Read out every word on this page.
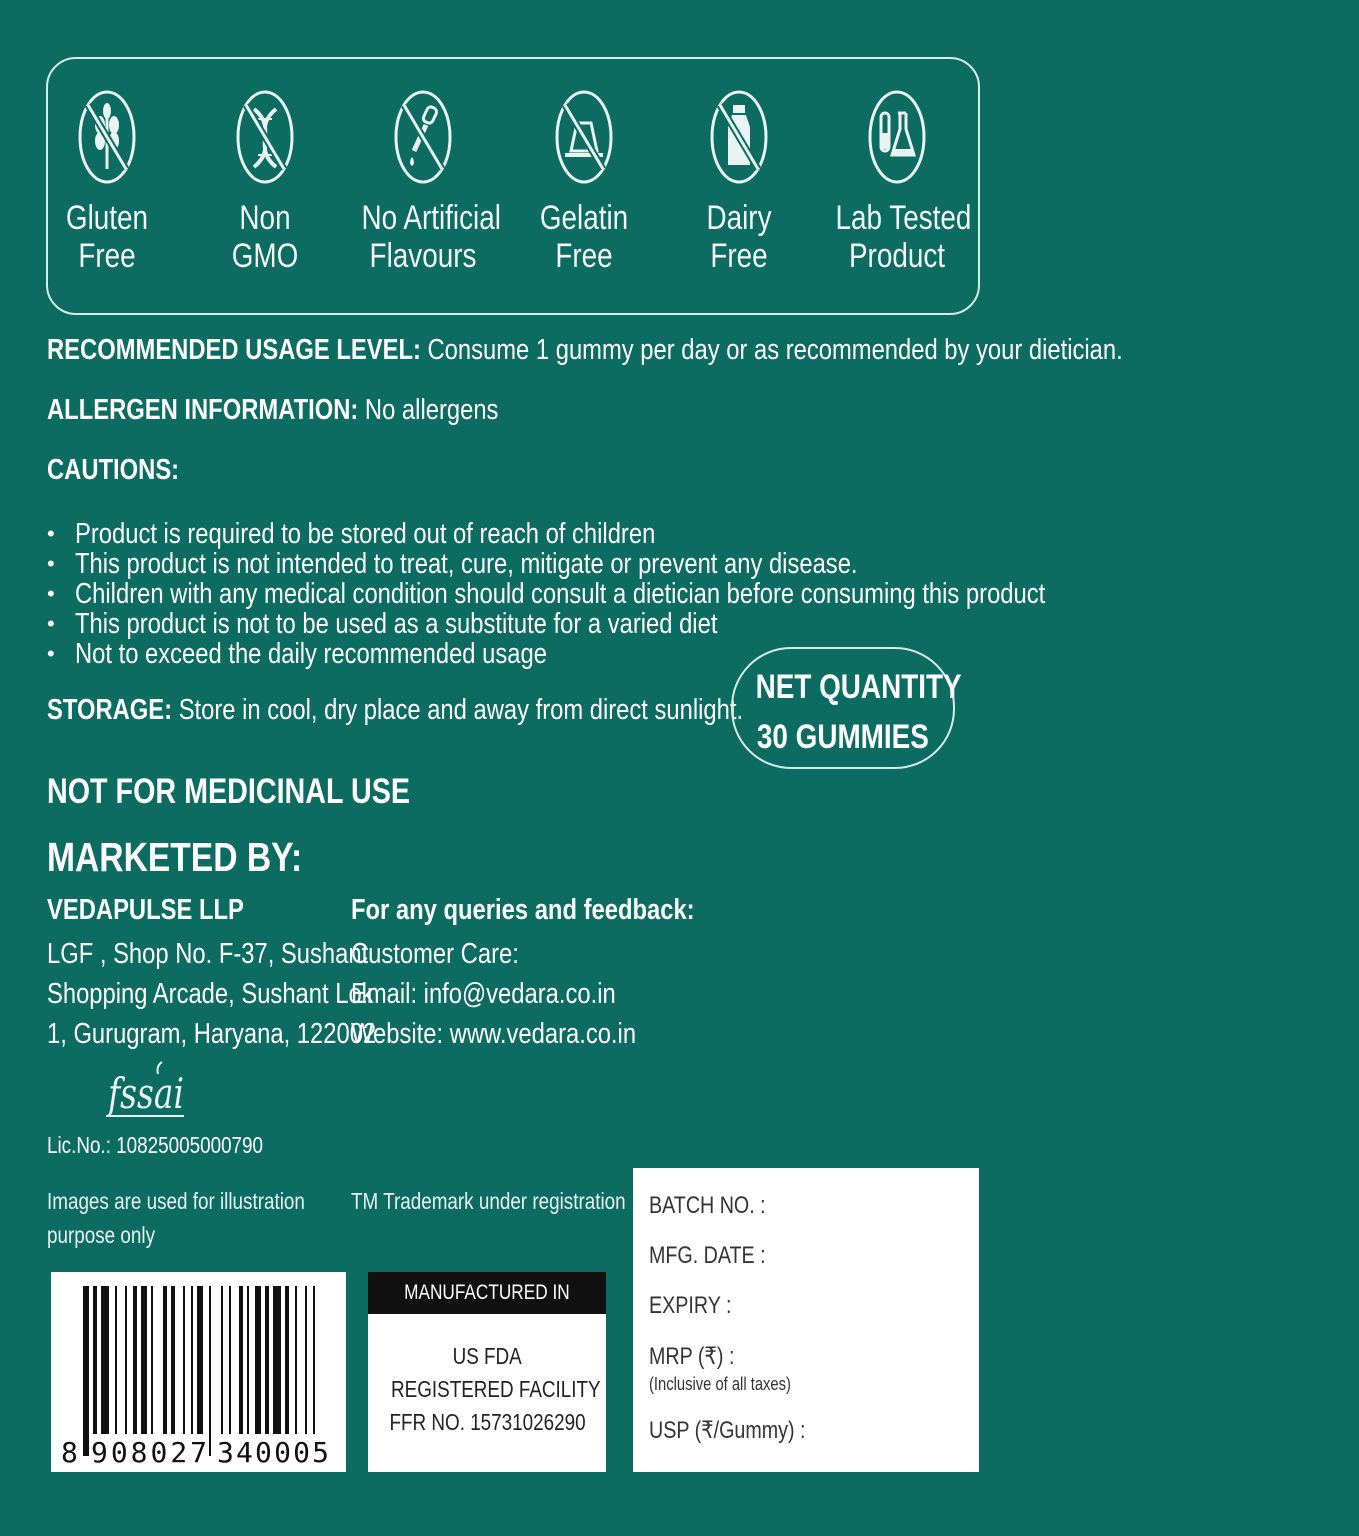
Gluten
Free
Non
GMO
No Artificial
Flavours
Gelatin
Free
Dairy
Free
Lab Tested
Product
RECOMMENDED USAGE LEVEL: Consume 1 gummy per day or as recommended by your dietician.
ALLERGEN INFORMATION: No allergens
CAUTIONS:
• Product is required to be stored out of reach of children
• This product is not intended to treat, cure, mitigate or prevent any disease.
• Children with any medical condition should consult a dietician before consuming this product
• This product is not to be used as a substitute for a varied diet
• Not to exceed the daily recommended usage
STORAGE: Store in cool, dry place and away from direct sunlight.
NET QUANTITY
30 GUMMIES
NOT FOR MEDICINAL USE
MARKETED BY:
VEDAPULSE LLP
LGF , Shop No. F-37, Sushant
Shopping Arcade, Sushant Lok
1, Gurugram, Haryana, 122002
For any queries and feedback:
Customer Care:
Email: info@vedara.co.in
Website: www.vedara.co.in
fssai
Lic.No.: 10825005000790
Images are used for illustration
purpose only
TM Trademark under registration
8 908027 340005
MANUFACTURED IN
US FDA
REGISTERED FACILITY
FFR NO. 15731026290
BATCH NO. :
MFG. DATE :
EXPIRY :
MRP (₹) :
(Inclusive of all taxes)
USP (₹/Gummy) :
